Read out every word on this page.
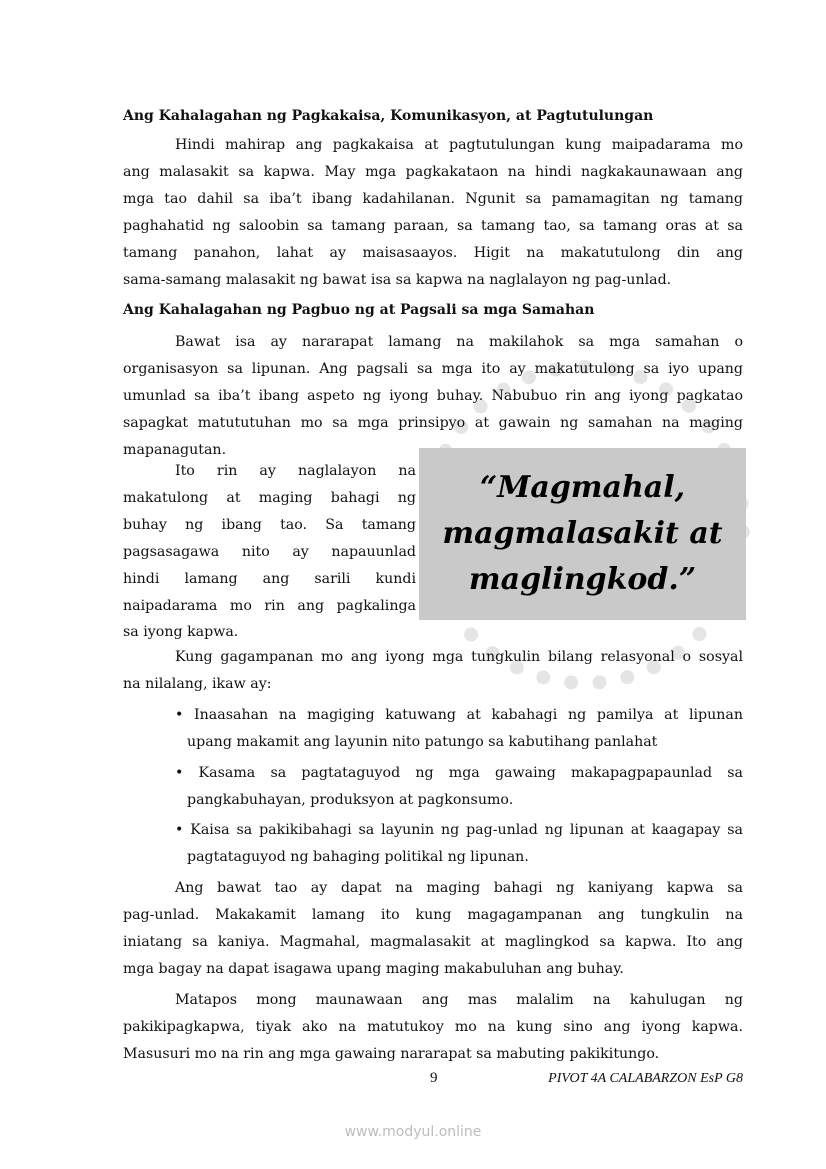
Ang Kahalagahan ng Pagkakaisa, Komunikasyon, at Pagtutulungan
Hindi mahirap ang pagkakaisa at pagtutulungan kung maipadarama mo
ang malasakit sa kapwa. May mga pagkakataon na hindi nagkakaunawaan ang
mga tao dahil sa iba’t ibang kadahilanan. Ngunit sa pamamagitan ng tamang
paghahatid ng saloobin sa tamang paraan, sa tamang tao, sa tamang oras at sa
tamang panahon, lahat ay maisasaayos. Higit na makatutulong din ang
sama-samang malasakit ng bawat isa sa kapwa na naglalayon ng pag-unlad.
Ang Kahalagahan ng Pagbuo ng at Pagsali sa mga Samahan
Bawat isa ay nararapat lamang na makilahok sa mga samahan o
organisasyon sa lipunan. Ang pagsali sa mga ito ay makatutulong sa iyo upang
umunlad sa iba’t ibang aspeto ng iyong buhay. Nabubuo rin ang iyong pagkatao
sapagkat matututuhan mo sa mga prinsipyo at gawain ng samahan na maging
mapanagutan.
Ito rin ay naglalayon na
makatulong at maging bahagi ng
buhay ng ibang tao. Sa tamang
pagsasagawa nito ay napauunlad
hindi lamang ang sarili kundi
naipadarama mo rin ang pagkalinga
sa iyong kapwa.
“Magmahal,
magmalasakit at
maglingkod.”
Kung gagampanan mo ang iyong mga tungkulin bilang relasyonal o sosyal
na nilalang, ikaw ay:
• Inaasahan na magiging katuwang at kabahagi ng pamilya at lipunan
upang makamit ang layunin nito patungo sa kabutihang panlahat
• Kasama sa pagtataguyod ng mga gawaing makapagpapaunlad sa
pangkabuhayan, produksyon at pagkonsumo.
• Kaisa sa pakikibahagi sa layunin ng pag-unlad ng lipunan at kaagapay sa
pagtataguyod ng bahaging politikal ng lipunan.
Ang bawat tao ay dapat na maging bahagi ng kaniyang kapwa sa
pag-unlad. Makakamit lamang ito kung magagampanan ang tungkulin na
iniatang sa kaniya. Magmahal, magmalasakit at maglingkod sa kapwa. Ito ang
mga bagay na dapat isagawa upang maging makabuluhan ang buhay.
Matapos mong maunawaan ang mas malalim na kahulugan ng
pakikipagkapwa, tiyak ako na matutukoy mo na kung sino ang iyong kapwa.
Masusuri mo na rin ang mga gawaing nararapat sa mabuting pakikitungo.
9	PIVOT 4A CALABARZON EsP G8
www.modyul.online
